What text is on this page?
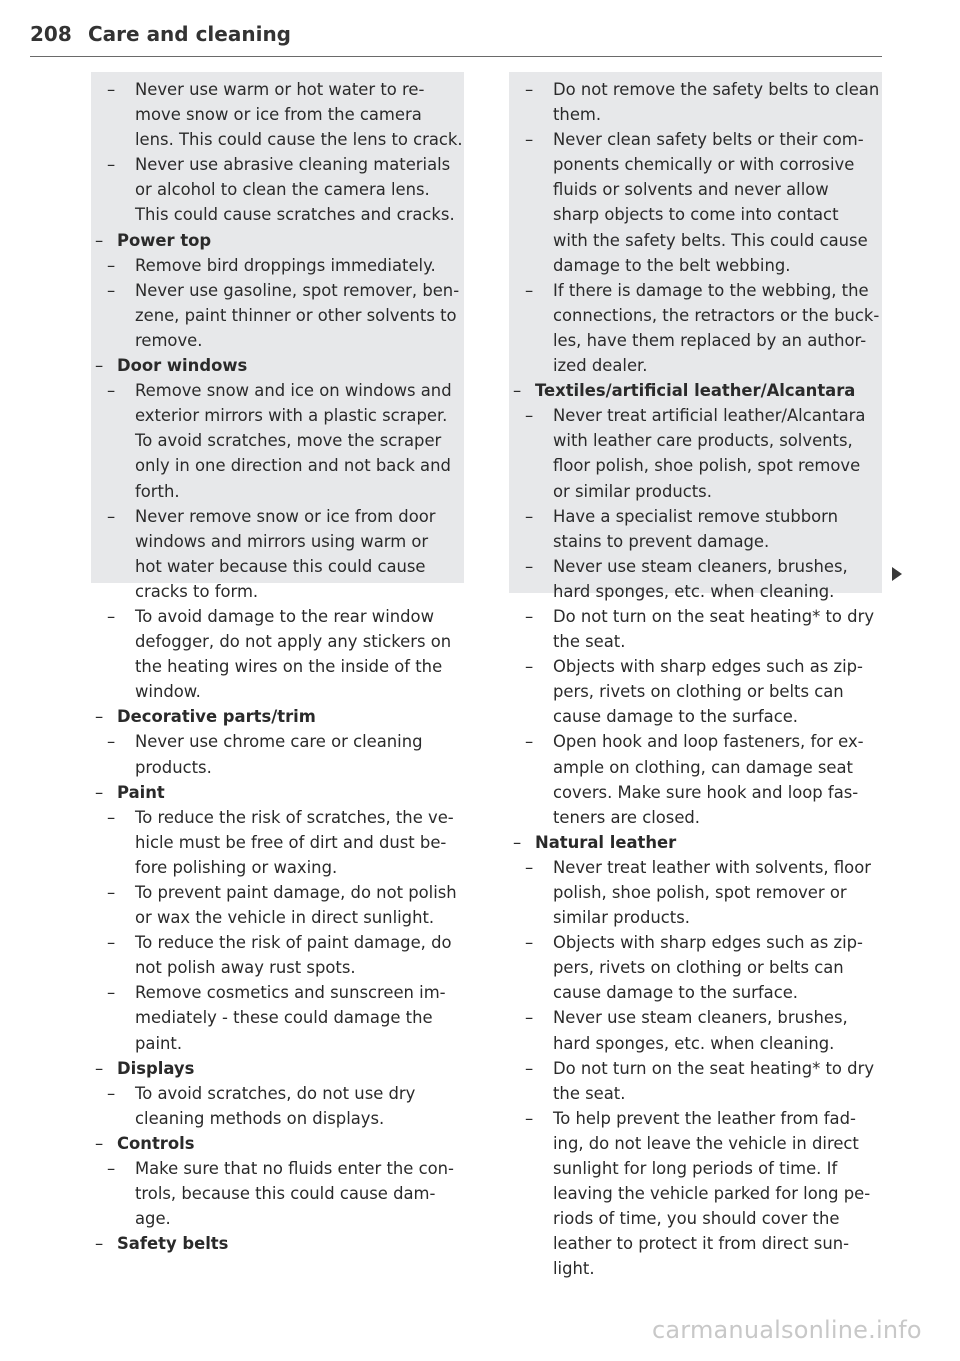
208 Care and cleaning
– Never use warm or hot water to re-
move snow or ice from the camera
lens. This could cause the lens to crack.
– Never use abrasive cleaning materials
or alcohol to clean the camera lens.
This could cause scratches and cracks.
– Power top
– Remove bird droppings immediately.
– Never use gasoline, spot remover, ben-
zene, paint thinner or other solvents to
remove.
– Door windows
– Remove snow and ice on windows and
exterior mirrors with a plastic scraper.
To avoid scratches, move the scraper
only in one direction and not back and
forth.
– Never remove snow or ice from door
windows and mirrors using warm or
hot water because this could cause
cracks to form.
– To avoid damage to the rear window
defogger, do not apply any stickers on
the heating wires on the inside of the
window.
– Decorative parts/trim
– Never use chrome care or cleaning
products.
– Paint
– To reduce the risk of scratches, the ve-
hicle must be free of dirt and dust be-
fore polishing or waxing.
– To prevent paint damage, do not polish
or wax the vehicle in direct sunlight.
– To reduce the risk of paint damage, do
not polish away rust spots.
– Remove cosmetics and sunscreen im-
mediately - these could damage the
paint.
– Displays
– To avoid scratches, do not use dry
cleaning methods on displays.
– Controls
– Make sure that no fluids enter the con-
trols, because this could cause dam-
age.
– Safety belts
– Do not remove the safety belts to clean
them.
– Never clean safety belts or their com-
ponents chemically or with corrosive
fluids or solvents and never allow
sharp objects to come into contact
with the safety belts. This could cause
damage to the belt webbing.
– If there is damage to the webbing, the
connections, the retractors or the buck-
les, have them replaced by an author-
ized dealer.
– Textiles/artificial leather/Alcantara
– Never treat artificial leather/Alcantara
with leather care products, solvents,
floor polish, shoe polish, spot remove
or similar products.
– Have a specialist remove stubborn
stains to prevent damage.
– Never use steam cleaners, brushes,
hard sponges, etc. when cleaning.
– Do not turn on the seat heating* to dry
the seat.
– Objects with sharp edges such as zip-
pers, rivets on clothing or belts can
cause damage to the surface.
– Open hook and loop fasteners, for ex-
ample on clothing, can damage seat
covers. Make sure hook and loop fas-
teners are closed.
– Natural leather
– Never treat leather with solvents, floor
polish, shoe polish, spot remover or
similar products.
– Objects with sharp edges such as zip-
pers, rivets on clothing or belts can
cause damage to the surface.
– Never use steam cleaners, brushes,
hard sponges, etc. when cleaning.
– Do not turn on the seat heating* to dry
the seat.
– To help prevent the leather from fad-
ing, do not leave the vehicle in direct
sunlight for long periods of time. If
leaving the vehicle parked for long pe-
riods of time, you should cover the
leather to protect it from direct sun-
light.
carmanualsonline.info
